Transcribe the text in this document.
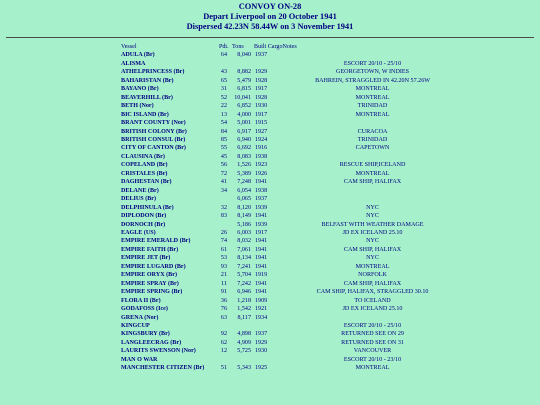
CONVOY ON-28
Depart Liverpool on 20 October 1941
Dispersed 42.23N 58.44W on 3 November 1941
Vessel	Pdt.	Tons	Built Cargo	Notes
ADULA (Br)	64	8,040	1937	
ALISMA				ESCORT 20/10 - 25/10
ATHELPRINCESS (Br)	43	8,882	1929	GEORGETOWN, W INDIES
BAHARISTAN (Br)	65	5,479	1928	BAHREIN, STRAGGLED IN 42.20N 57.26W
BAYANO (Br)	31	6,815	1917	MONTREAL
BEAVERHILL (Br)	52	10,041	1928	MONTREAL
BETH (Nor)	22	6,852	1930	TRINIDAD
BIC ISLAND (Br)	13	4,000	1917	MONTREAL
BRANT COUNTY (Nor)	54	5,001	1915	
BRITISH COLONY (Br)	84	6,917	1927	CURACOA
BRITISH CONSUL (Br)	85	6,940	1924	TRINIDAD
CITY OF CANTON (Br)	55	6,692	1916	CAPETOWN
CLAUSINA (Br)	45	8,083	1938	
COPELAND (Br)	56	1,526	1923	RESCUE SHIP,ICELAND
CRISTALES (Br)	72	5,389	1926	MONTREAL
DAGHESTAN (Br)	41	7,248	1941	CAM SHIP, HALIFAX
DELANE (Br)	34	6,054	1938	
DELIUS (Br)		6,065	1937	
DELPHINULA (Br)	32	8,120	1939	NYC
DIPLODON (Br)	83	8,149	1941	NYC
DORNOCH (Br)		5,186	1939	BELFAST WITH WEATHER DAMAGE
EAGLE (US)	26	6,003	1917	JD EX ICELAND 25.10
EMPIRE EMERALD (Br)	74	8,032	1941	NYC
EMPIRE FAITH (Br)	61	7,061	1941	CAM SHIP, HALIFAX
EMPIRE JET (Br)	53	8,134	1941	NYC
EMPIRE LUGARD (Br)	93	7,241	1941	MONTREAL
EMPIRE ORYX (Br)	21	5,704	1919	NORFOLK
EMPIRE SPRAY (Br)	11	7,242	1941	CAM SHIP, HALIFAX
EMPIRE SPRING (Br)	91	6,946	1941	CAM SHIP, HALIFAX, STRAGGLED 30.10
FLORA II (Br)	36	1,218	1909	TO ICELAND
GODAFOSS (Ice)	76	1,542	1921	JD EX ICELAND 25.10
GRENA (Nor)	63	8,117	1934	
KINGCUP				ESCORT 20/10 - 25/10
KINGSBURY (Br)	92	4,898	1937	RETURNED SEE ON 29
LANGLEECRAG (Br)	62	4,909	1929	RETURNED SEE ON 31
LAURITS SWENSON (Nor)	12	5,725	1930	VANCOUVER
MAN O WAR				ESCORT 20/10 - 23/10
MANCHESTER CITIZEN (Br)	51	5,343	1925	MONTREAL
